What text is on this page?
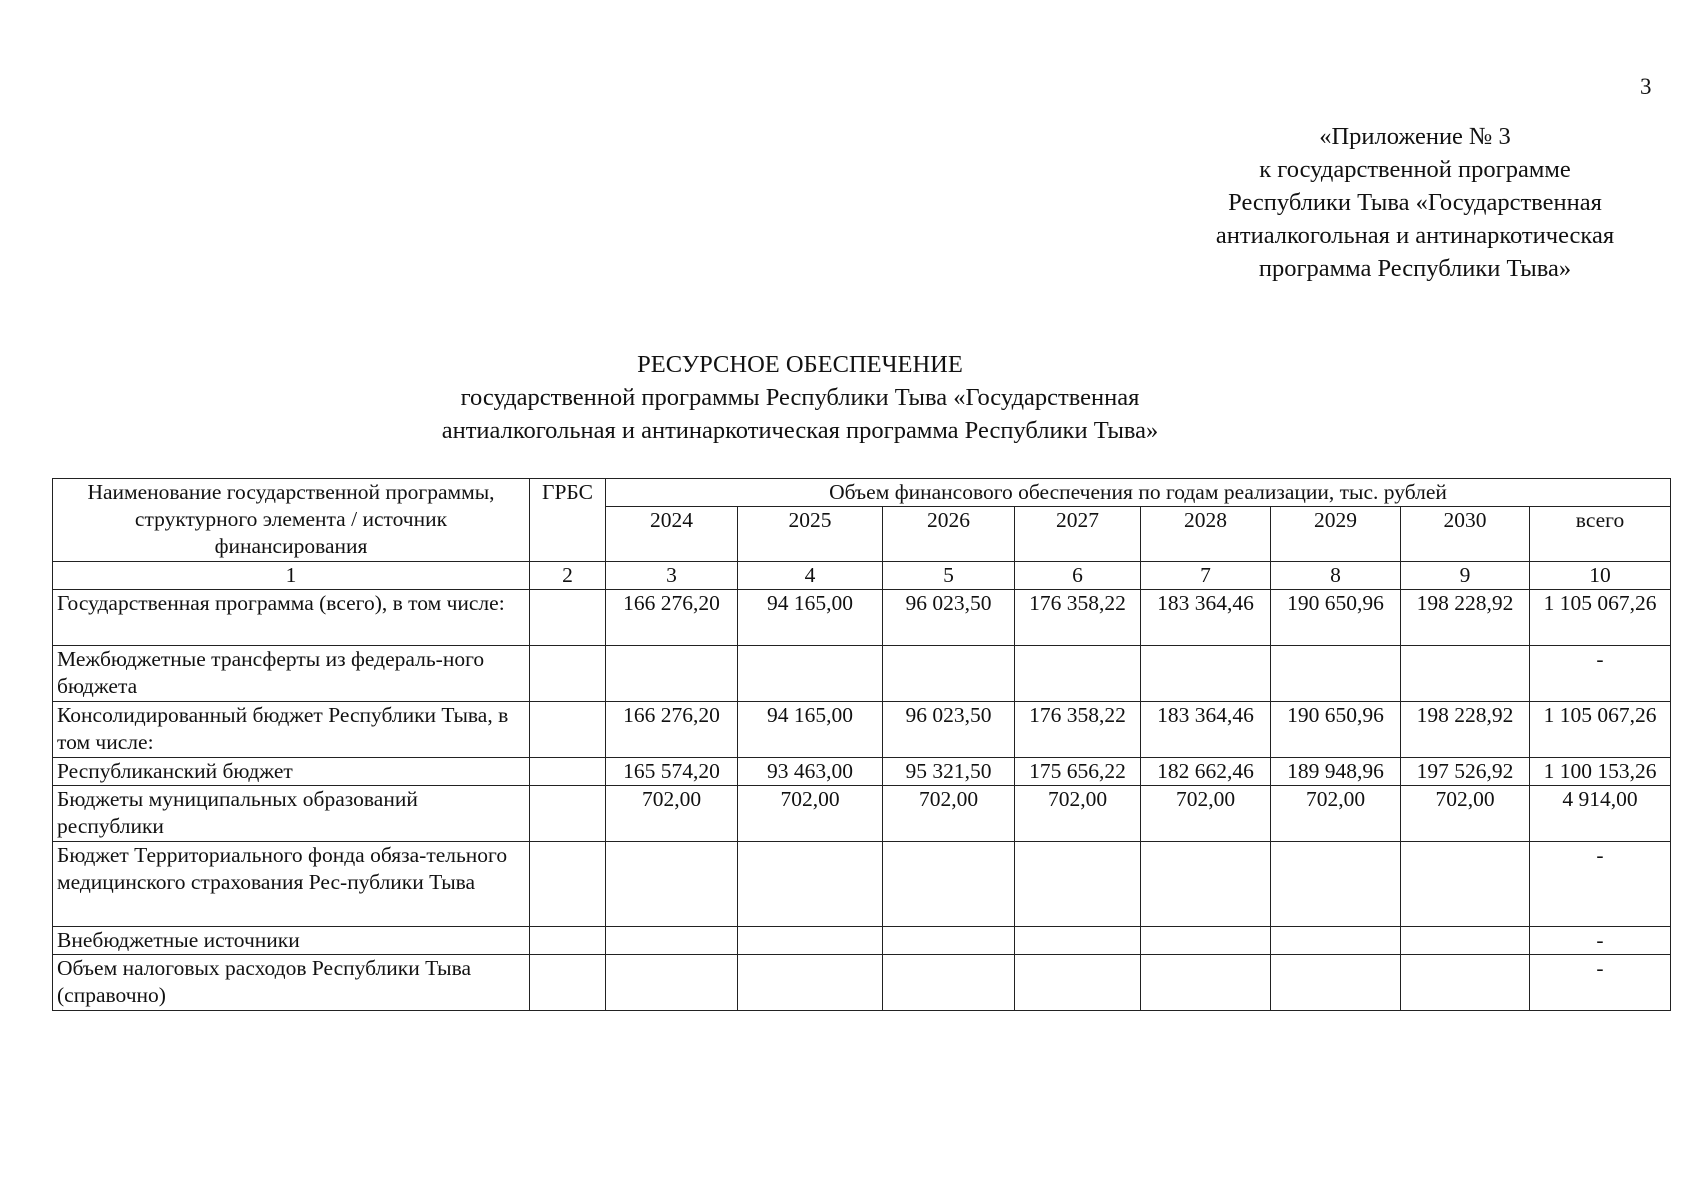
3
«Приложение № 3
к государственной программе
Республики Тыва «Государственная
антиалкогольная и антинаркотическая
программа Республики Тыва»
РЕСУРСНОЕ ОБЕСПЕЧЕНИЕ
государственной программы Республики Тыва «Государственная
антиалкогольная и антинаркотическая программа Республики Тыва»
Наименование государственной программы, структурного элемента / источник финансирования	ГРБС	Объем финансового обеспечения по годам реализации, тыс. рублей							
		2024	2025	2026	2027	2028	2029	2030	всего
1	2	3	4	5	6	7	8	9	10
Государственная программа (всего), в том числе:		166 276,20	94 165,00	96 023,50	176 358,22	183 364,46	190 650,96	198 228,92	1 105 067,26
Межбюджетные трансферты из федераль-ного бюджета									-
Консолидированный бюджет Республики Тыва, в том числе:		166 276,20	94 165,00	96 023,50	176 358,22	183 364,46	190 650,96	198 228,92	1 105 067,26
Республиканский бюджет		165 574,20	93 463,00	95 321,50	175 656,22	182 662,46	189 948,96	197 526,92	1 100 153,26
Бюджеты муниципальных образований республики		702,00	702,00	702,00	702,00	702,00	702,00	702,00	4 914,00
Бюджет Территориального фонда обяза-тельного медицинского страхования Рес-публики Тыва									-
Внебюджетные источники									-
Объем налоговых расходов Республики Тыва (справочно)									-
